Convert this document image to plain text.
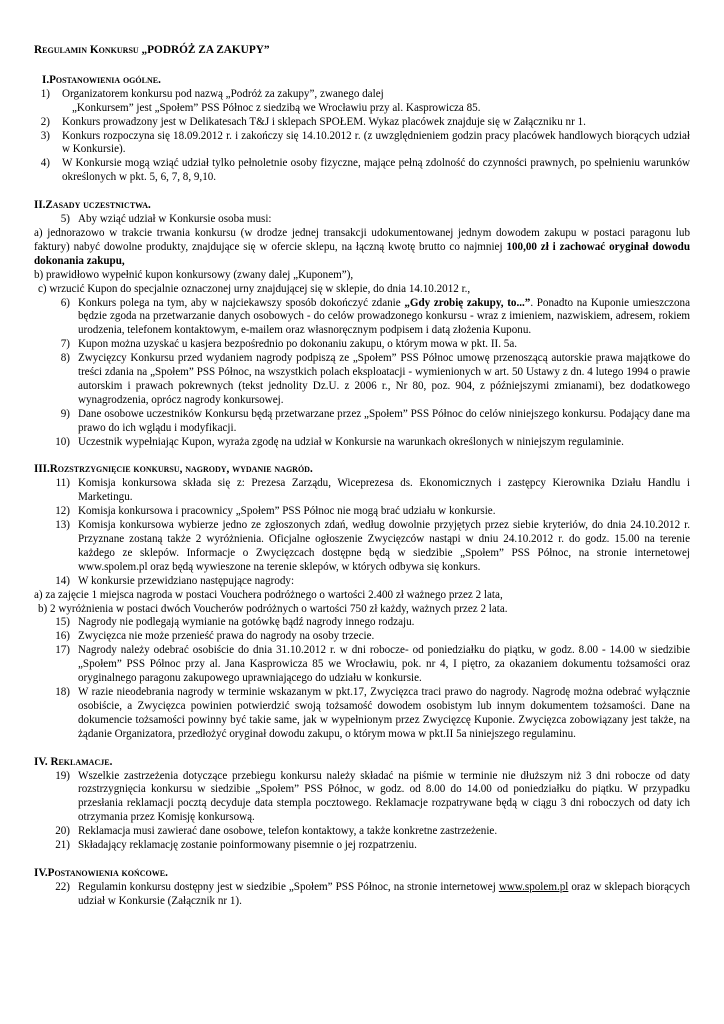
Regulamin Konkursu „PODRÓŻ ZA ZAKUPY”
I.Postanowienia ogólne.
1) Organizatorem konkursu pod nazwą „Podróż za zakupy”, zwanego dalej
„Konkursem” jest „Społem” PSS Północ z siedzibą we Wrocławiu przy al. Kasprowicza 85.
2) Konkurs prowadzony jest w Delikatesach T&J i sklepach SPOŁEM. Wykaz placówek znajduje się w Załączniku nr 1.
3) Konkurs rozpoczyna się 18.09.2012 r. i zakończy się 14.10.2012 r. (z uwzględnieniem godzin pracy placówek handlowych biorących udział w Konkursie).
4) W Konkursie mogą wziąć udział tylko pełnoletnie osoby fizyczne, mające pełną zdolność do czynności prawnych, po spełnieniu warunków określonych w pkt. 5, 6, 7, 8, 9,10.
II.Zasady uczestnictwa.
5) Aby wziąć udział w Konkursie osoba musi:
a) jednorazowo w trakcie trwania konkursu (w drodze jednej transakcji udokumentowanej jednym dowodem zakupu w postaci paragonu lub faktury) nabyć dowolne produkty, znajdujące się w ofercie sklepu, na łączną kwotę brutto co najmniej 100,00 zł i zachować oryginał dowodu dokonania zakupu,
b) prawidłowo wypełnić kupon konkursowy (zwany dalej „Kuponem”),
c) wrzucić Kupon do specjalnie oznaczonej urny znajdującej się w sklepie, do dnia 14.10.2012 r.,
6) Konkurs polega na tym, aby w najciekawszy sposób dokończyć zdanie „Gdy zrobię zakupy, to...”. Ponadto na Kuponie umieszczona będzie zgoda na przetwarzanie danych osobowych - do celów prowadzonego konkursu - wraz z imieniem, nazwiskiem, adresem, rokiem urodzenia, telefonem kontaktowym, e-mailem oraz własnoręcznym podpisem i datą złożenia Kuponu.
7) Kupon można uzyskać u kasjera bezpośrednio po dokonaniu zakupu, o którym mowa w pkt. II. 5a.
8) Zwycięzcy Konkursu przed wydaniem nagrody podpiszą ze „Społem” PSS Północ umowę przenoszącą autorskie prawa majątkowe do treści zdania na „Społem” PSS Północ, na wszystkich polach eksploatacji - wymienionych w art. 50 Ustawy z dn. 4 lutego 1994 o prawie autorskim i prawach pokrewnych (tekst jednolity Dz.U. z 2006 r., Nr 80, poz. 904, z późniejszymi zmianami), bez dodatkowego wynagrodzenia, oprócz nagrody konkursowej.
9) Dane osobowe uczestników Konkursu będą przetwarzane przez „Społem” PSS Północ do celów niniejszego konkursu. Podający dane ma prawo do ich wglądu i modyfikacji.
10) Uczestnik wypełniając Kupon, wyraża zgodę na udział w Konkursie na warunkach określonych w niniejszym regulaminie.
III.Rozstrzygnięcie konkursu, nagrody, wydanie nagród.
11) Komisja konkursowa składa się z: Prezesa Zarządu, Wiceprezesa ds. Ekonomicznych i zastępcy Kierownika Działu Handlu i Marketingu.
12) Komisja konkursowa i pracownicy „Społem” PSS Północ nie mogą brać udziału w konkursie.
13) Komisja konkursowa wybierze jedno ze zgłoszonych zdań, według dowolnie przyjętych przez siebie kryteriów, do dnia 24.10.2012 r. Przyznane zostaną także 2 wyróżnienia. Oficjalne ogłoszenie Zwycięzców nastąpi w dniu 24.10.2012 r. do godz. 15.00 na terenie każdego ze sklepów. Informacje o Zwycięzcach dostępne będą w siedzibie „Społem” PSS Północ, na stronie internetowej www.spolem.pl oraz będą wywieszone na terenie sklepów, w których odbywa się konkurs.
14) W konkursie przewidziano następujące nagrody:
a) za zajęcie 1 miejsca nagroda w postaci Vouchera podróżnego o wartości 2.400 zł ważnego przez 2 lata,
b) 2 wyróżnienia w postaci dwóch Voucherów podróżnych o wartości 750 zł każdy, ważnych przez 2 lata.
15) Nagrody nie podlegają wymianie na gotówkę bądź nagrody innego rodzaju.
16) Zwycięzca nie może przenieść prawa do nagrody na osoby trzecie.
17) Nagrody należy odebrać osobiście do dnia 31.10.2012 r. w dni robocze- od poniedziałku do piątku, w godz. 8.00 - 14.00 w siedzibie „Społem” PSS Północ przy al. Jana Kasprowicza 85 we Wrocławiu, pok. nr 4, I piętro, za okazaniem dokumentu tożsamości oraz oryginalnego paragonu zakupowego uprawniającego do udziału w konkursie.
18) W razie nieodebrania nagrody w terminie wskazanym w pkt.17, Zwycięzca traci prawo do nagrody. Nagrodę można odebrać wyłącznie osobiście, a Zwycięzca powinien potwierdzić swoją tożsamość dowodem osobistym lub innym dokumentem tożsamości. Dane na dokumencie tożsamości powinny być takie same, jak w wypełnionym przez Zwycięzcę Kuponie. Zwycięzca zobowiązany jest także, na żądanie Organizatora, przedłożyć oryginał dowodu zakupu, o którym mowa w pkt.II 5a niniejszego regulaminu.
IV. Reklamacje.
19) Wszelkie zastrzeżenia dotyczące przebiegu konkursu należy składać na piśmie w terminie nie dłuższym niż 3 dni robocze od daty rozstrzygnięcia konkursu w siedzibie „Społem” PSS Północ, w godz. od 8.00 do 14.00 od poniedziałku do piątku. W przypadku przesłania reklamacji pocztą decyduje data stempla pocztowego. Reklamacje rozpatrywane będą w ciągu 3 dni roboczych od daty ich otrzymania przez Komisję konkursową.
20) Reklamacja musi zawierać dane osobowe, telefon kontaktowy, a także konkretne zastrzeżenie.
21) Składający reklamację zostanie poinformowany pisemnie o jej rozpatrzeniu.
IV.Postanowienia końcowe.
22) Regulamin konkursu dostępny jest w siedzibie „Społem” PSS Północ, na stronie internetowej www.spolem.pl oraz w sklepach biorących udział w Konkursie (Załącznik nr 1).
